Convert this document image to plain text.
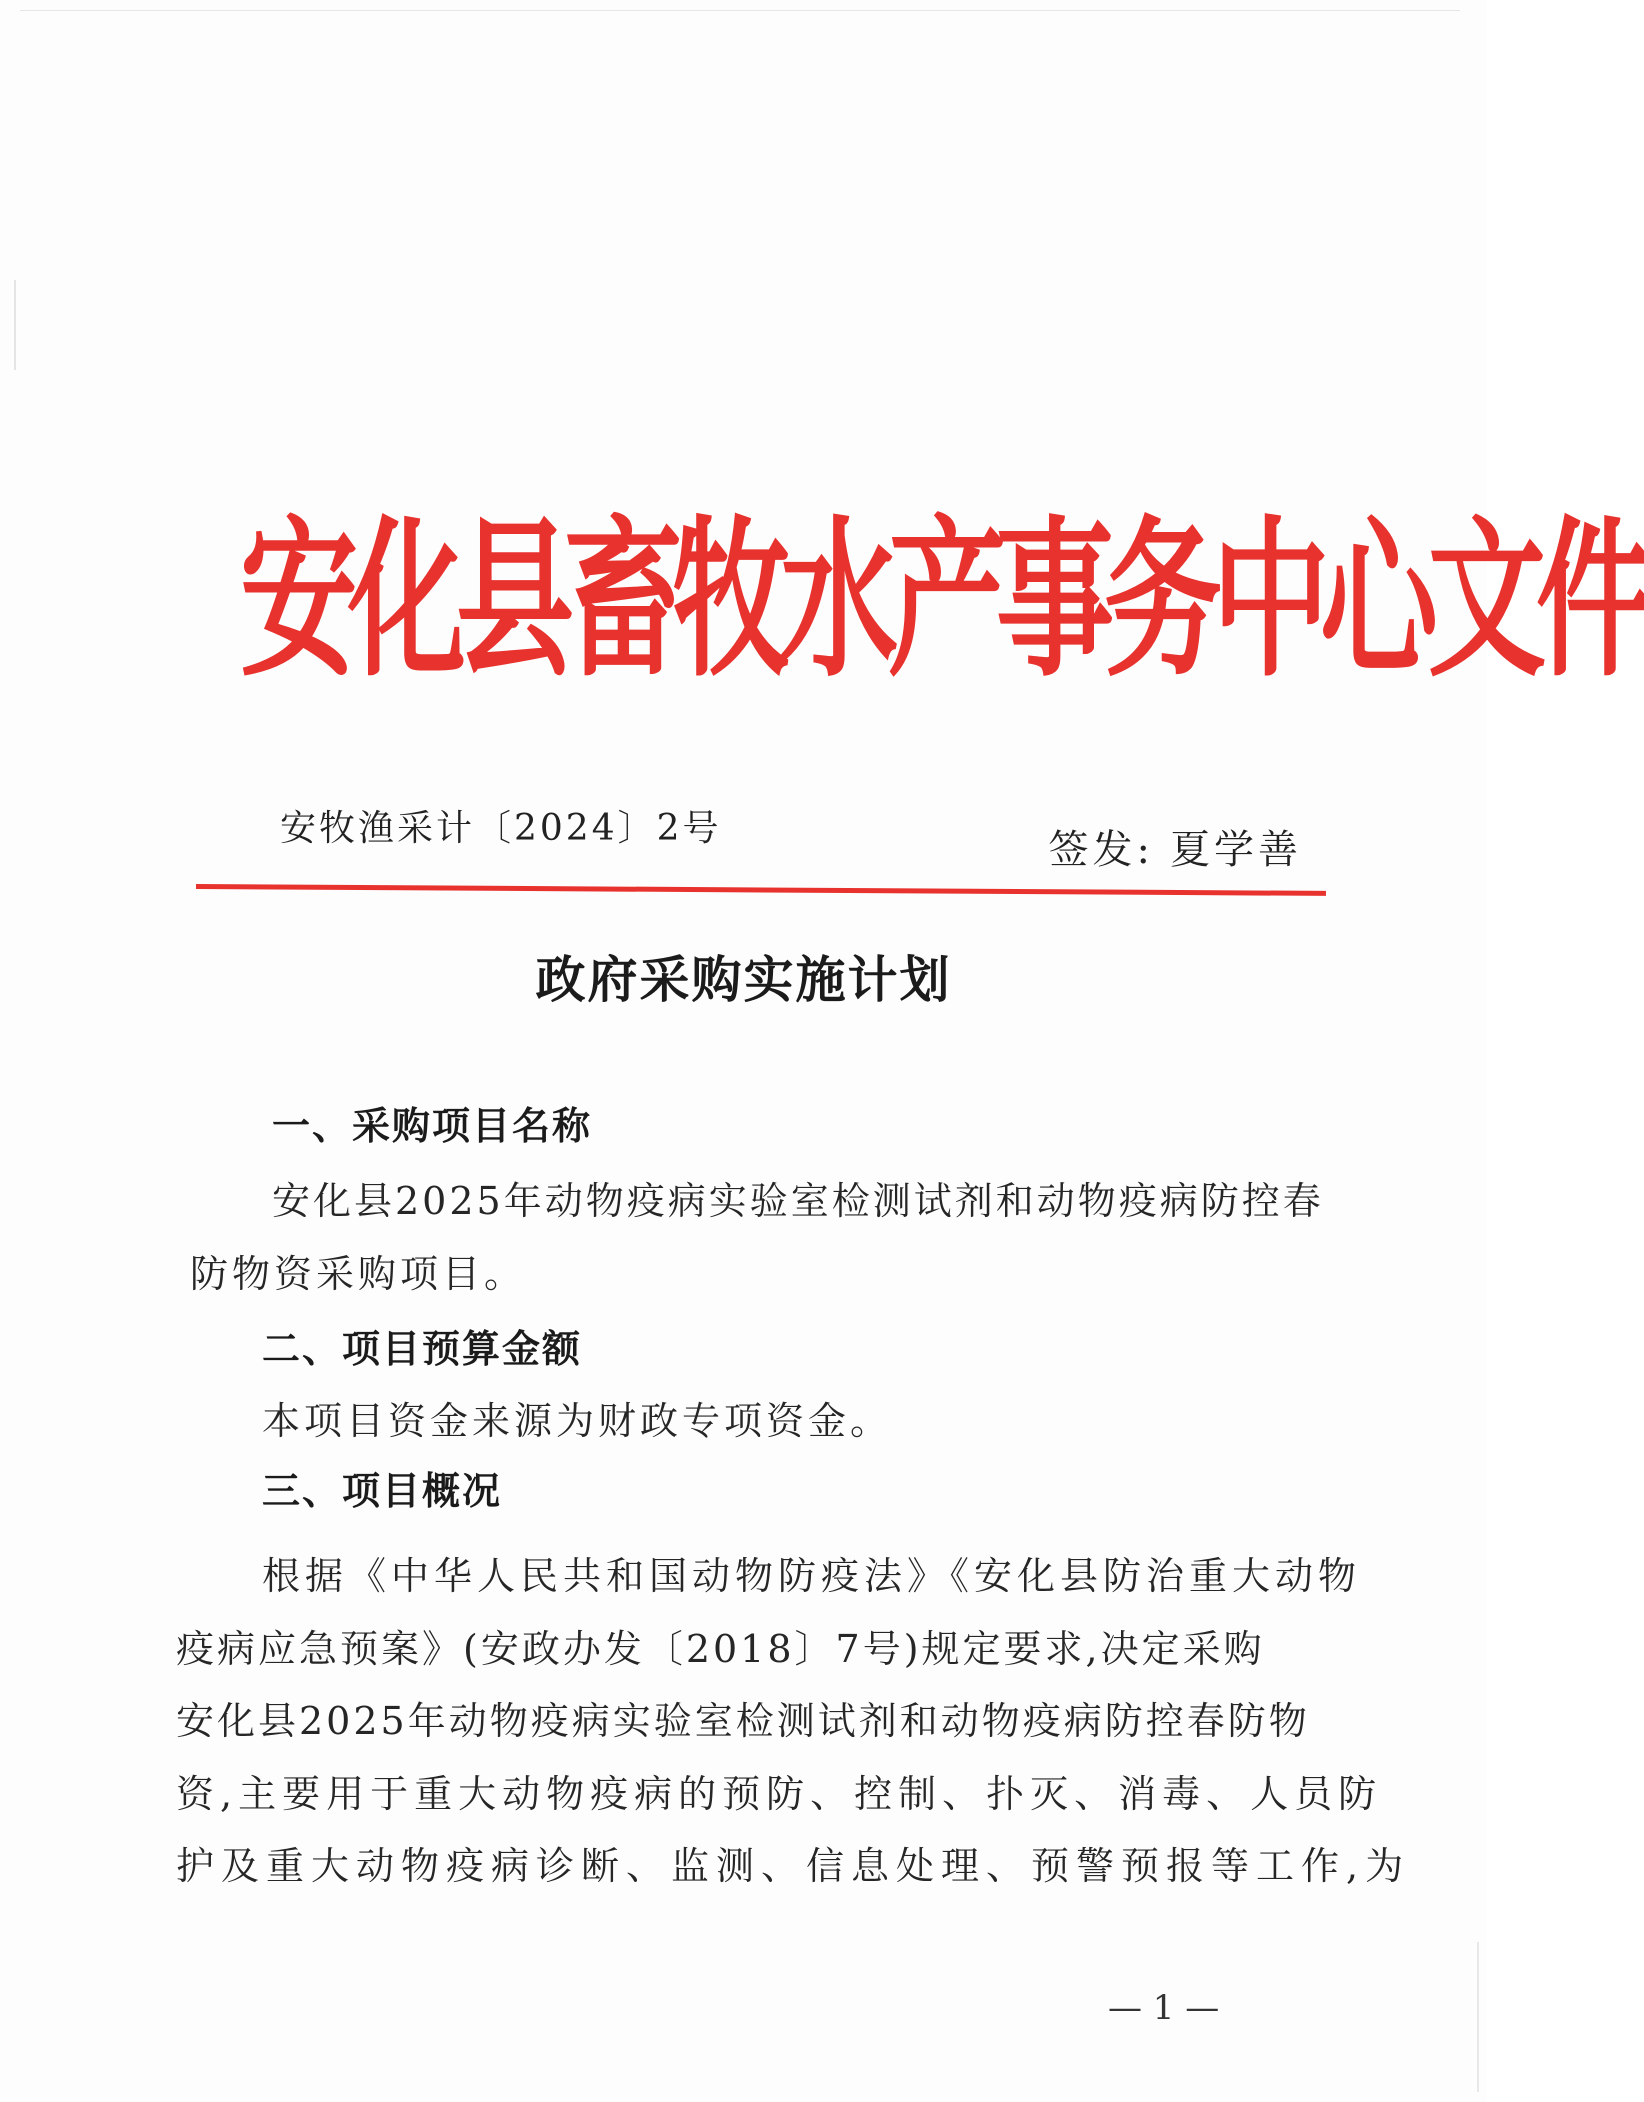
安化县畜牧水产事务中心文件
安牧渔采计〔2024〕2号	签发: 夏学善
政府采购实施计划
一、采购项目名称
安化县2025年动物疫病实验室检测试剂和动物疫病防控春
防物资采购项目。
二、项目预算金额
本项目资金来源为财政专项资金。
三、项目概况
根据《中华人民共和国动物防疫法》《安化县防治重大动物
疫病应急预案》(安政办发〔2018〕7号)规定要求,决定采购
安化县2025年动物疫病实验室检测试剂和动物疫病防控春防物
资,主要用于重大动物疫病的预防、控制、扑灭、消毒、人员防
护及重大动物疫病诊断、监测、信息处理、预警预报等工作,为
— 1 —
